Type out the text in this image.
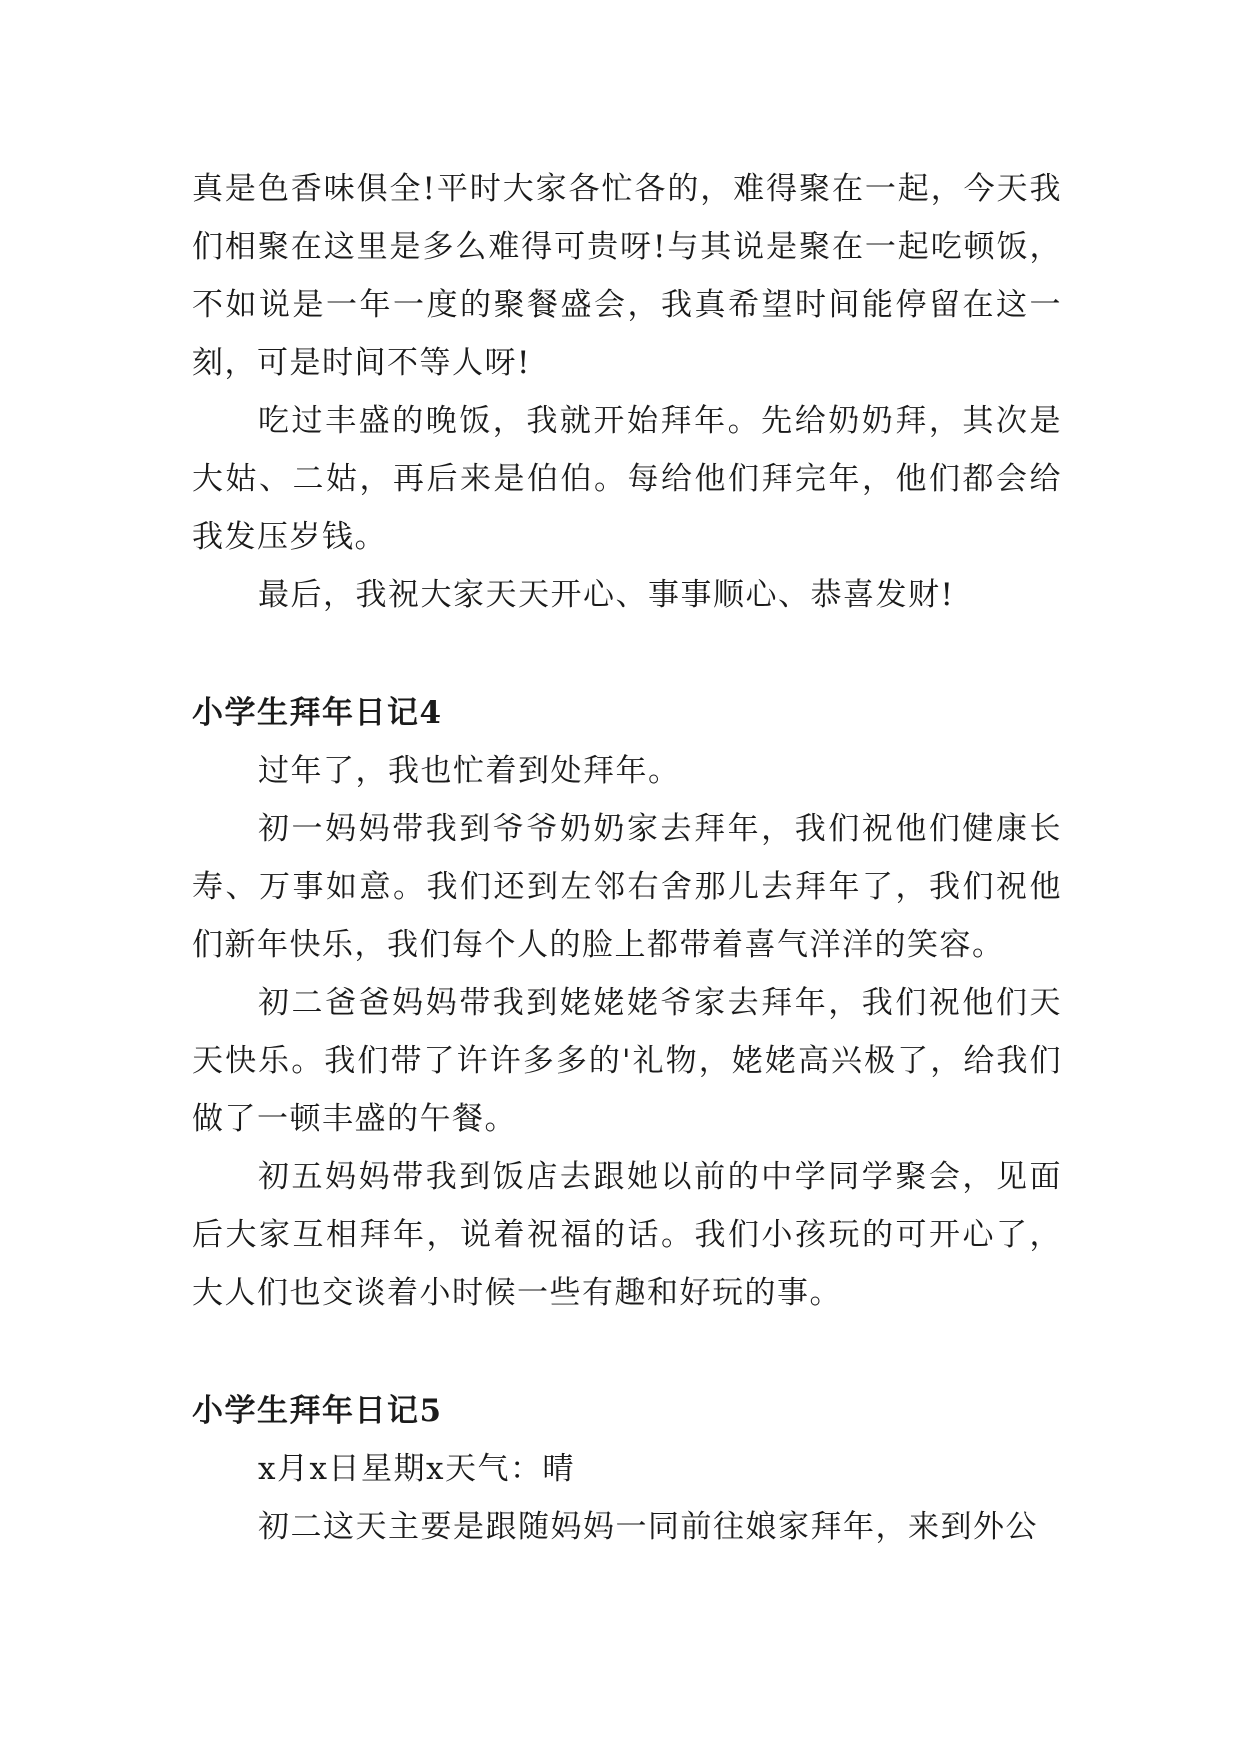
真是色香味俱全!平时大家各忙各的，难得聚在一起，今天我们相聚在这里是多么难得可贵呀!与其说是聚在一起吃顿饭，不如说是一年一度的聚餐盛会，我真希望时间能停留在这一刻，可是时间不等人呀!

吃过丰盛的晚饭，我就开始拜年。先给奶奶拜，其次是大姑、二姑，再后来是伯伯。每给他们拜完年，他们都会给我发压岁钱。

最后，我祝大家天天开心、事事顺心、恭喜发财!

小学生拜年日记4

过年了，我也忙着到处拜年。

初一妈妈带我到爷爷奶奶家去拜年，我们祝他们健康长寿、万事如意。我们还到左邻右舍那儿去拜年了，我们祝他们新年快乐，我们每个人的脸上都带着喜气洋洋的笑容。

初二爸爸妈妈带我到姥姥姥爷家去拜年，我们祝他们天天快乐。我们带了许许多多的'礼物，姥姥高兴极了，给我们做了一顿丰盛的午餐。

初五妈妈带我到饭店去跟她以前的中学同学聚会，见面后大家互相拜年，说着祝福的话。我们小孩玩的可开心了，大人们也交谈着小时候一些有趣和好玩的事。

小学生拜年日记5

x月x日星期x天气：晴

初二这天主要是跟随妈妈一同前往娘家拜年，来到外公
